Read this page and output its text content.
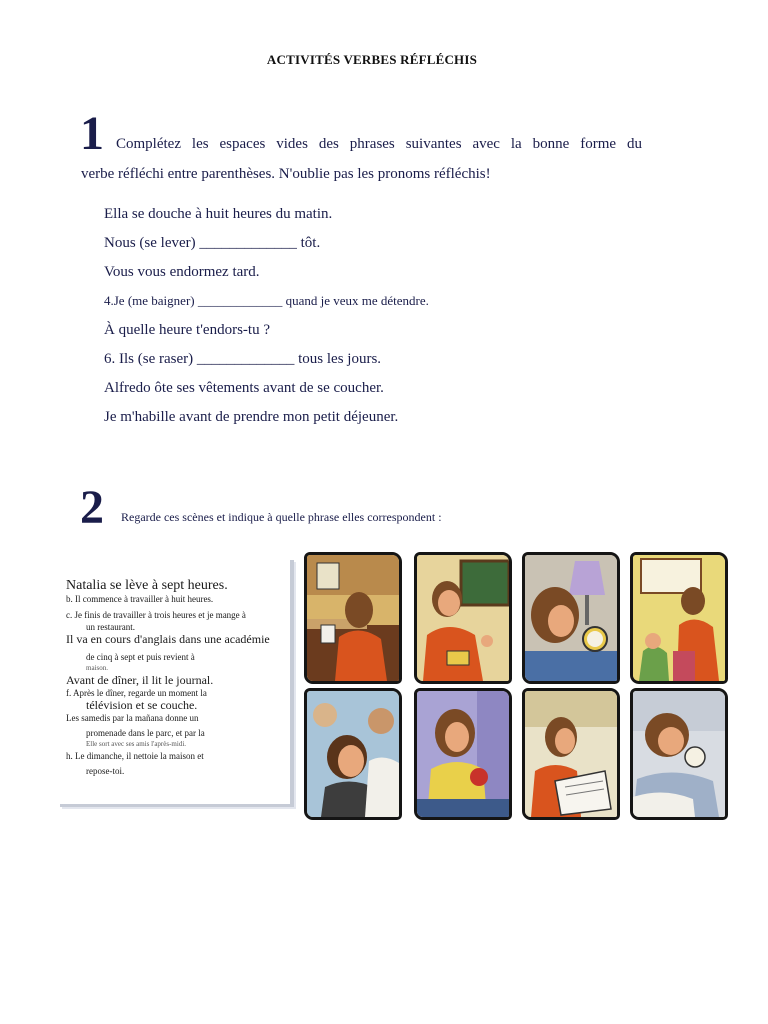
ACTIVITÉS VERBES RÉFLÉCHIS
1 Complétez les espaces vides des phrases suivantes avec la bonne forme du
verbe réfléchi entre parenthèses. N'oublie pas les pronoms réfléchis!
Ella se douche à huit heures du matin.
Nous (se lever) _____________ tôt.
Vous vous endormez tard.
4.Je (me baigner) _____________ quand je veux me détendre.
À quelle heure t'endors-tu ?
6. Ils (se raser) _____________ tous les jours.
Alfredo ôte ses vêtements avant de se coucher.
Je m'habille avant de prendre mon petit déjeuner.
2 Regarde ces scènes et indique à quelle phrase elles correspondent :
Natalia se lève à sept heures.
b. Il commence à travailler à huit heures.
c. Je finis de travailler à trois heures et je mange à
un restaurant.
Il va en cours d'anglais dans une académie
de cinq à sept et puis revient à
maison.
Avant de dîner, il lit le journal.
f. Après le dîner, regarde un moment la
télévision et se couche.
Les samedis par la mañana donne un
promenade dans le parc, et par la
Elle sort avec ses amis l'après-midi.
h. Le dimanche, il nettoie la maison et
repose-toi.
